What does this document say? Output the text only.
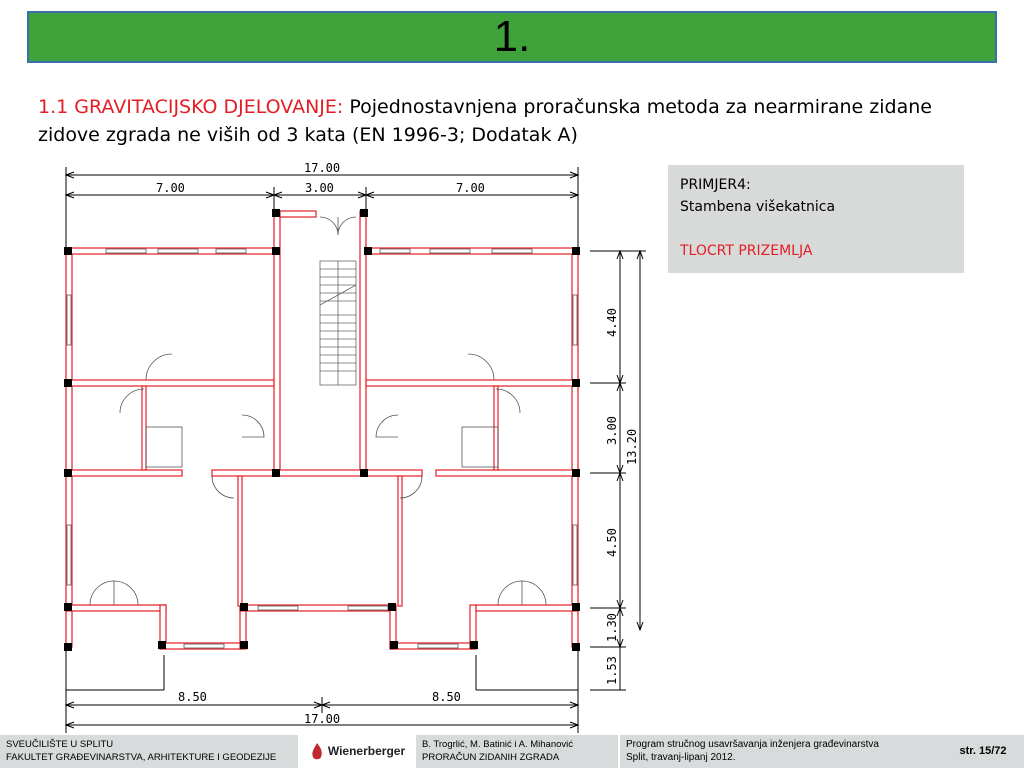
1.
1.1 GRAVITACIJSKO DJELOVANJE: Pojednostavnjena proračunska metoda za nearmirane zidane zidove zgrada ne viših od 3 kata (EN 1996-3; Dodatak A)
PRIMJER4:
Stambena višekatnica
TLOCRT PRIZEMLJA
17.00
7.00	3.00	7.00
4.40
3.00
4.50
1.30
1.53
13.20
8.50	8.50
17.00
SVEUČILIŠTE U SPLITU
FAKULTET GRAĐEVINARSTVA, ARHITEKTURE I GEODEZIJE	Wienerberger B. Trogrlić, M. Batinić i A. Mihanović
PRORAČUN ZIDANIH ZGRADA
Program stručnog usavršavanja inženjera građevinarstva
Split, travanj-lipanj 2012.
str. 15/72
